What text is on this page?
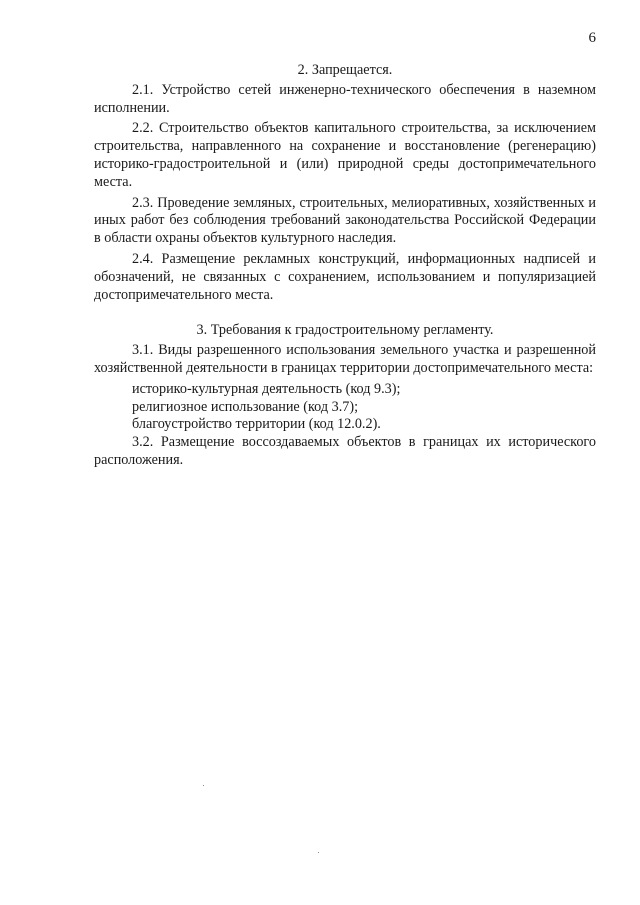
6

2. Запрещается.

2.1. Устройство сетей инженерно-технического обеспечения в наземном исполнении.

2.2. Строительство объектов капитального строительства, за исключением строительства, направленного на сохранение и восстановление (регенерацию) историко-градостроительной и (или) природной среды достопримечательного места.

2.3. Проведение земляных, строительных, мелиоративных, хозяйственных и иных работ без соблюдения требований законодательства Российской Федерации в области охраны объектов культурного наследия.

2.4. Размещение рекламных конструкций, информационных надписей и обозначений, не связанных с сохранением, использованием и популяризацией достопримечательного места.

3. Требования к градостроительному регламенту.

3.1. Виды разрешенного использования земельного участка и разрешенной хозяйственной деятельности в границах территории достопримечательного места:

историко-культурная деятельность (код 9.3);

религиозное использование (код 3.7);

благоустройство территории (код 12.0.2).

3.2. Размещение воссоздаваемых объектов в границах их исторического расположения.
